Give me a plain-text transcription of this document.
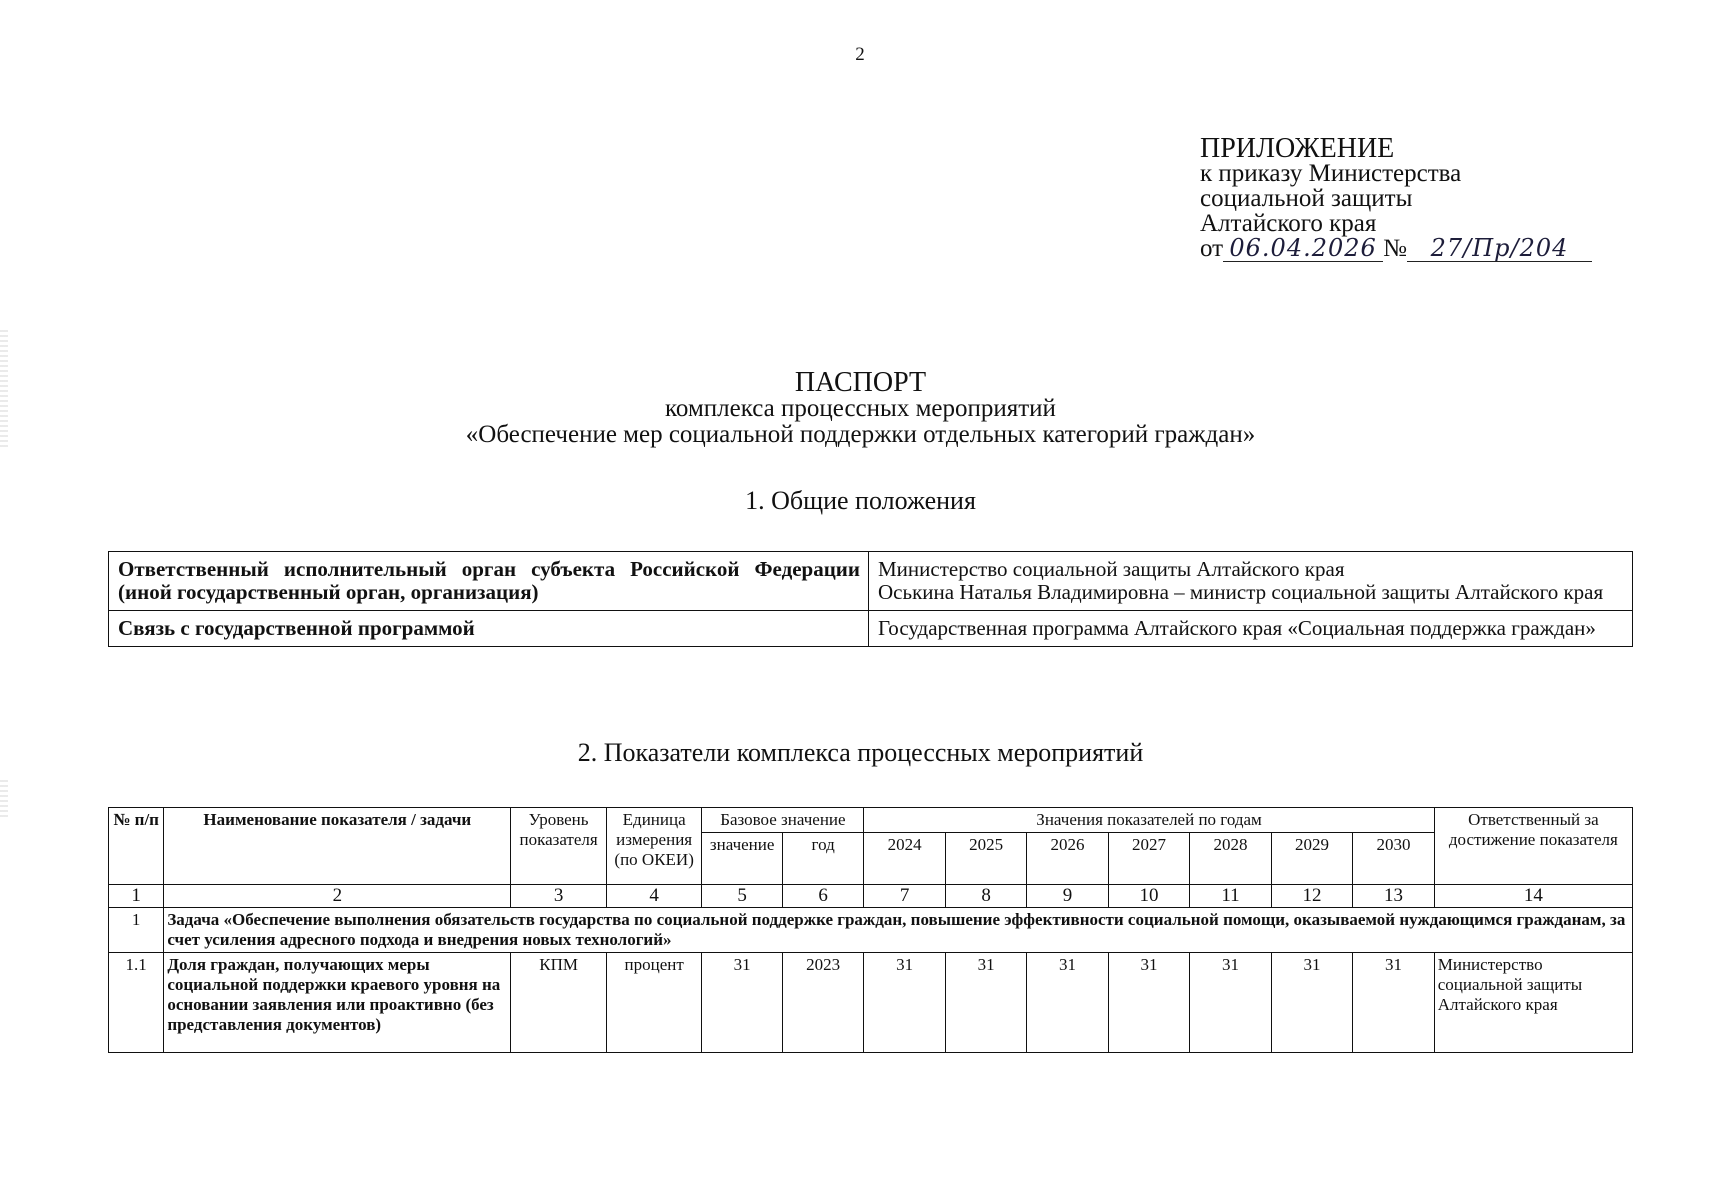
2
ПРИЛОЖЕНИЕ
к приказу Министерства
социальной защиты
Алтайского края
от 06.04.2026 № 27/Пр/204
ПАСПОРТ
комплекса процессных мероприятий
«Обеспечение мер социальной поддержки отдельных категорий граждан»
1. Общие положения
Ответственный исполнительный орган субъекта Российской Федерации (иной государственный орган, организация)	Министерство социальной защиты Алтайского края
Оськина Наталья Владимировна – министр социальной защиты Алтайского края

Связь с государственной программой	Государственная программа Алтайского края «Социальная поддержка граждан»
2. Показатели комплекса процессных мероприятий
№ п/п	Наименование показателя / задачи	Уровень показателя	Единица измерения (по ОКЕИ)	Базовое значение		Значения показателей по годам							Ответственный за достижение показателя
				значение	год	2024	2025	2026	2027	2028	2029	2030	
1	2	3	4	5	6	7	8	9	10	11	12	13	14
1	Задача «Обеспечение выполнения обязательств государства по социальной поддержке граждан, повышение эффективности социальной помощи, оказываемой нуждающимся гражданам, за счет усиления адресного подхода и внедрения новых технологий»												
1.1	Доля граждан, получающих меры социальной поддержки краевого уровня на основании заявления или проактивно (без представления документов)	КПМ	процент	31	2023	31	31	31	31	31	31	31	Министерство социальной защиты Алтайского края
